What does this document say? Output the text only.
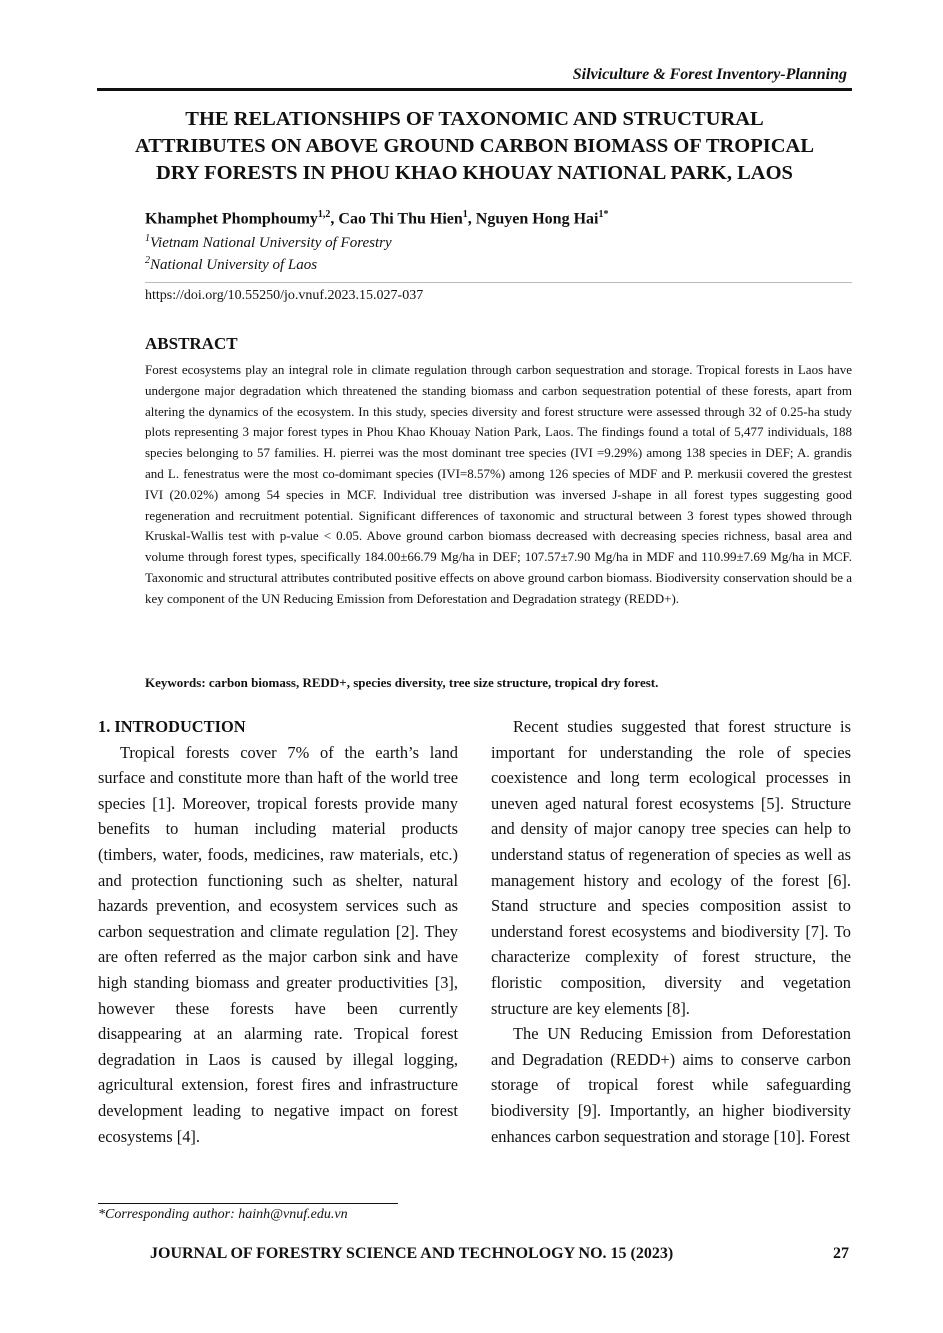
Silviculture & Forest Inventory-Planning
THE RELATIONSHIPS OF TAXONOMIC AND STRUCTURAL
ATTRIBUTES ON ABOVE GROUND CARBON BIOMASS OF TROPICAL
DRY FORESTS IN PHOU KHAO KHOUAY NATIONAL PARK, LAOS
Khamphet Phomphoumy$^{1,2}$, Cao Thi Thu Hien$^1$, Nguyen Hong Hai$^{1*}$
$^1$Vietnam National University of Forestry
$^2$National University of Laos
https://doi.org/10.55250/jo.vnuf.2023.15.027-037
ABSTRACT
Forest ecosystems play an integral role in climate regulation through carbon sequestration and storage. Tropical forests in Laos have undergone major degradation which threatened the standing biomass and carbon sequestration potential of these forests, apart from altering the dynamics of the ecosystem. In this study, species diversity and forest structure were assessed through 32 of 0.25-ha study plots representing 3 major forest types in Phou Khao Khouay Nation Park, Laos. The findings found a total of 5,477 individuals, 188 species belonging to 57 families. H. pierrei was the most dominant tree species (IVI =9.29%) among 138 species in DEF; A. grandis and L. fenestratus were the most co-domimant species (IVI=8.57%) among 126 species of MDF and P. merkusii covered the grestest IVI (20.02%) among 54 species in MCF. Individual tree distribution was inversed J-shape in all forest types suggesting good regeneration and recruitment potential. Significant differences of taxonomic and structural between 3 forest types showed through Kruskal-Wallis test with p-value < 0.05. Above ground carbon biomass decreased with decreasing species richness, basal area and volume through forest types, specifically 184.00±66.79 Mg/ha in DEF; 107.57±7.90 Mg/ha in MDF and 110.99±7.69 Mg/ha in MCF. Taxonomic and structural attributes contributed positive effects on above ground carbon biomass. Biodiversity conservation should be a key component of the UN Reducing Emission from Deforestation and Degradation strategy (REDD+).
Keywords: carbon biomass, REDD+, species diversity, tree size structure, tropical dry forest.

1. INTRODUCTION

Tropical forests cover 7% of the earth’s land surface and constitute more than haft of the world tree species [1]. Moreover, tropical forests provide many benefits to human including material products (timbers, water, foods, medicines, raw materials, etc.) and protection functioning such as shelter, natural hazards prevention, and ecosystem services such as carbon sequestration and climate regulation [2]. They are often referred as the major carbon sink and have high standing biomass and greater productivities [3], however these forests have been currently disappearing at an alarming rate. Tropical forest degradation in Laos is caused by illegal logging, agricultural extension, forest fires and infrastructure development leading to negative impact on forest ecosystems [4].

Recent studies suggested that forest structure is important for understanding the role of species coexistence and long term ecological processes in uneven aged natural forest ecosystems [5]. Structure and density of major canopy tree species can help to understand status of regeneration of species as well as management history and ecology of the forest [6]. Stand structure and species composition assist to understand forest ecosystems and biodiversity [7]. To characterize complexity of forest structure, the floristic composition, diversity and vegetation structure are key elements [8].

The UN Reducing Emission from Deforestation and Degradation (REDD+) aims to conserve carbon storage of tropical forest while safeguarding biodiversity [9]. Importantly, an higher biodiversity enhances carbon sequestration and storage [10]. Forest

*Corresponding author: hainh@vnuf.edu.vn
JOURNAL OF FORESTRY SCIENCE AND TECHNOLOGY NO. 15 (2023)	27
